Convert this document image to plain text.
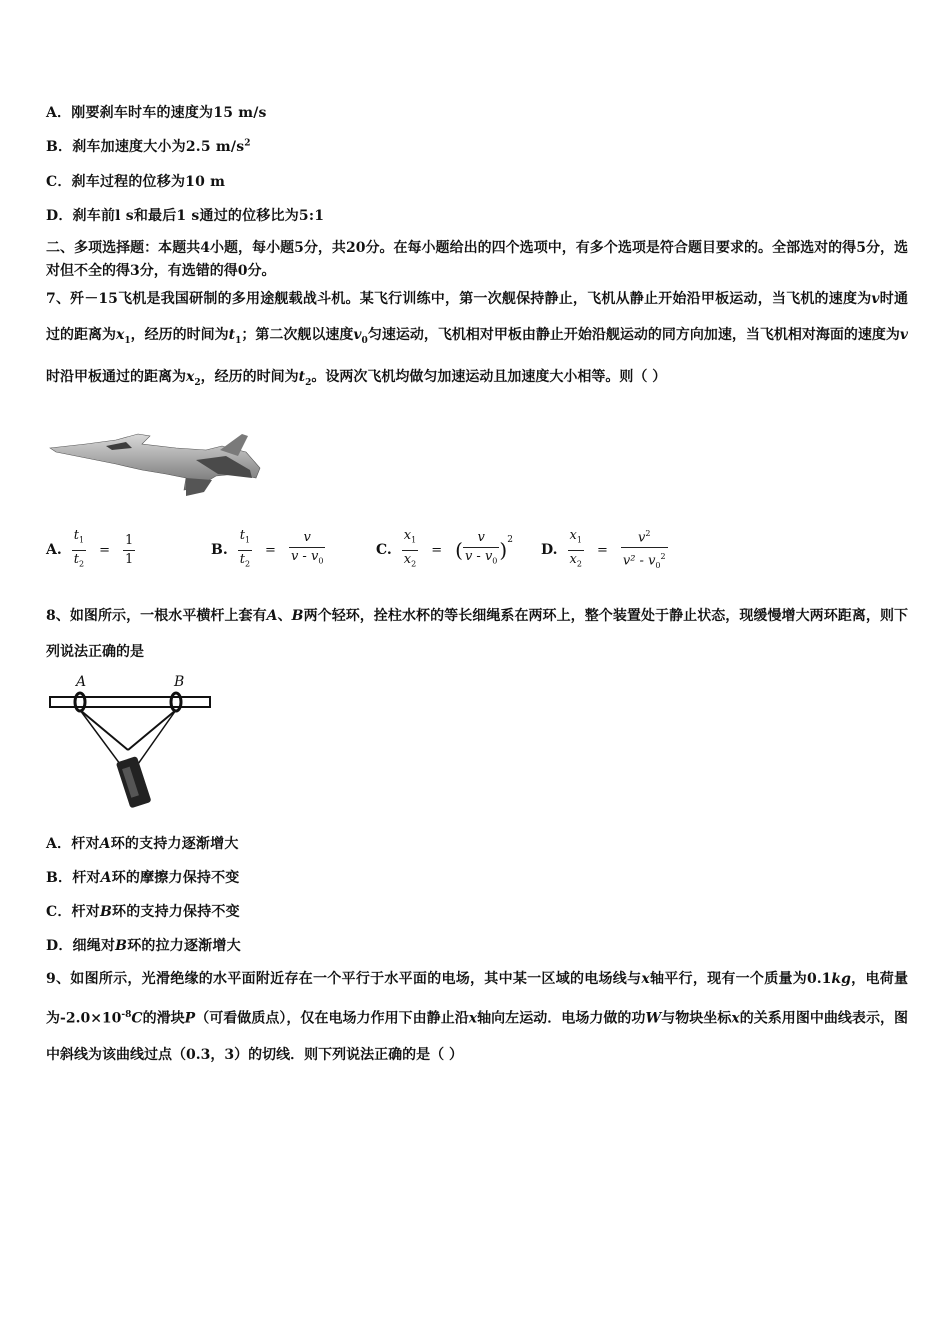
A．刚要刹车时车的速度为15 m/s
B．刹车加速度大小为2.5 $m/s^2$
C．刹车过程的位移为10 m
D．刹车前l s和最后1 s通过的位移比为5:1
二、多项选择题：本题共4小题，每小题5分，共20分。在每小题给出的四个选项中，有多个选项是符合题目要求的。全部选对的得5分，选对但不全的得3分，有选错的得0分。
7、歼－15飞机是我国研制的多用途舰载战斗机。某飞行训练中，第一次舰保持静止，飞机从静止开始沿甲板运动，当飞机的速度为v时通过的距离为$x_1$，经历的时间为$t_1$；第二次舰以速度$v_0$匀速运动，飞机相对甲板由静止开始沿舰运动的同方向加速，当飞机相对海面的速度为v时沿甲板通过的距离为$x_2$，经历的时间为$t_2$。设两次飞机均做匀加速运动且加速度大小相等。则（ ）
A. $\frac{t_1}{t_2} = \frac{1}{1}$	B. $\frac{t_1}{t_2} = \frac{v}{v - v_0}$	C. $\frac{x_1}{x_2}$ = ( $\frac{v}{v - v_0} )^2$
D. $\frac{x_1}{x_2} = \frac{v^2}{v^2 - v_0^2}$
8、如图所示，一根水平横杆上套有A、B两个轻环，拴柱水杯的等长细绳系在两环上，整个装置处于静止状态，现缓慢增大两环距离，则下列说法正确的是
A	B
A．杆对A环的支持力逐渐增大
B．杆对A环的摩擦力保持不变
C．杆对B环的支持力保持不变
D．细绳对B环的拉力逐渐增大
9、如图所示，光滑绝缘的水平面附近存在一个平行于水平面的电场，其中某一区域的电场线与x轴平行，现有一个质量为0.1kg，电荷量为$-2.0\times 10^{-8}C$的滑块P（可看做质点），仅在电场力作用下由静止沿x轴向左运动．电场力做的功W与物块坐标x的关系用图中曲线表示，图中斜线为该曲线过点（0.3，3）的切线．则下列说法正确的是（ ）
